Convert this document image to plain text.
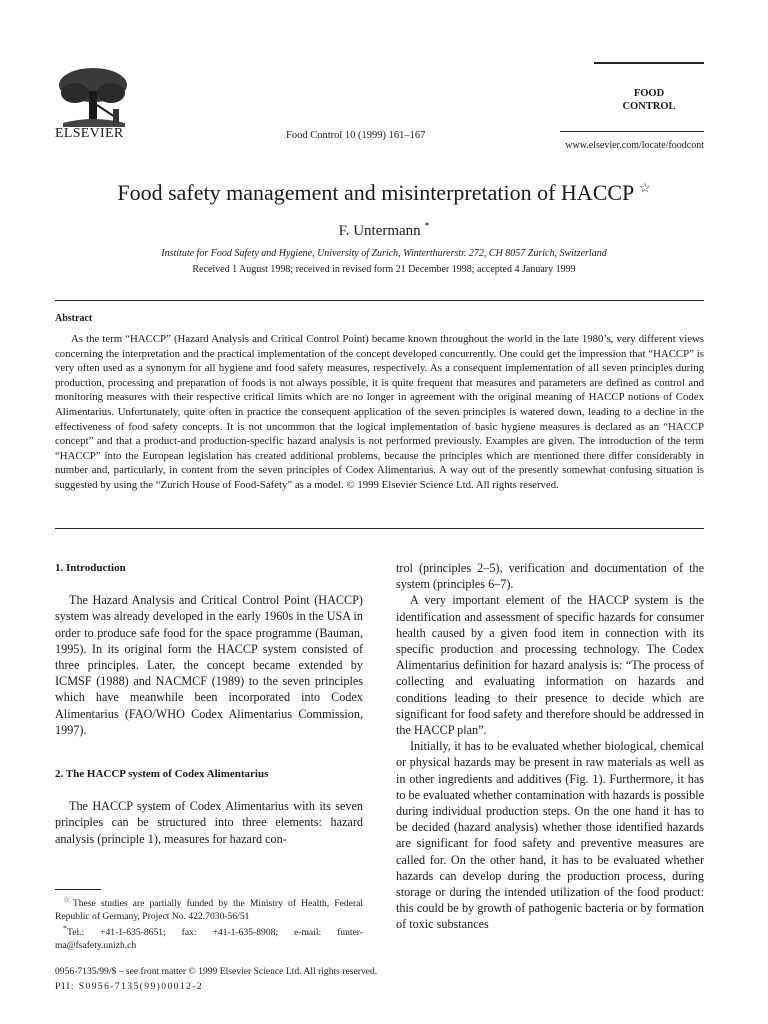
ELSEVIER	Food Control 10 (1999) 161–167
FOOD
CONTROL
www.elsevier.com/locate/foodcont
Food safety management and misinterpretation of HACCP ☆
F. Untermann *
Institute for Food Safety and Hygiene, University of Zurich, Winterthurerstr. 272, CH 8057 Zurich, Switzerland
Received 1 August 1998; received in revised form 21 December 1998; accepted 4 January 1999
Abstract
As the term “HACCP” (Hazard Analysis and Critical Control Point) became known throughout the world in the late 1980’s, very different views concerning the interpretation and the practical implementation of the concept developed concurrently. One could get the impression that “HACCP” is very often used as a synonym for all hygiene and food safety measures, respectively. As a consequent implementation of all seven principles during production, processing and preparation of foods is not always possible, it is quite frequent that measures and parameters are defined as control and monitoring measures with their respective critical limits which are no longer in agreement with the original meaning of HACCP notions of Codex Alimentarius. Unfortunately, quite often in practice the consequent application of the seven principles is watered down, leading to a decline in the effectiveness of food safety concepts. It is not uncommon that the logical implementation of basic hygiene measures is declared as an “HACCP concept” and that a product-and production-specific hazard analysis is not performed previously. Examples are given. The introduction of the term “HACCP” into the European legislation has created additional problems, because the principles which are mentioned there differ considerably in number and, particularly, in content from the seven principles of Codex Alimentarius. A way out of the presently somewhat confusing situation is suggested by using the “Zurich House of Food-Safety” as a model. © 1999 Elsevier Science Ltd. All rights reserved.
1. Introduction

The Hazard Analysis and Critical Control Point (HACCP) system was already developed in the early 1960s in the USA in order to produce safe food for the space programme (Bauman, 1995). In its original form the HACCP system consisted of three principles. Later, the concept became extended by ICMSF (1988) and NACMCF (1989) to the seven principles which have meanwhile been incorporated into Codex Alimentarius (FAO/WHO Codex Alimentarius Commission, 1997).

2. The HACCP system of Codex Alimentarius

The HACCP system of Codex Alimentarius with its seven principles can be structured into three elements: hazard analysis (principle 1), measures for hazard con-

☆These studies are partially funded by the Ministry of Health, Federal Republic of Germany, Project No. 422.7030-56/51

*Tel.: +41-1-635-8651; fax: +41-1-635-8908; e-mail: funter-ma@fsafety.unizh.ch

trol (principles 2–5), verification and documentation of the system (principles 6–7).

A very important element of the HACCP system is the identification and assessment of specific hazards for consumer health caused by a given food item in connection with its specific production and processing technology. The Codex Alimentarius definition for hazard analysis is: “The process of collecting and evaluating information on hazards and conditions leading to their presence to decide which are significant for food safety and therefore should be addressed in the HACCP plan”.

Initially, it has to be evaluated whether biological, chemical or physical hazards may be present in raw materials as well as in other ingredients and additives (Fig. 1). Furthermore, it has to be evaluated whether contamination with hazards is possible during individual production steps. On the one hand it has to be decided (hazard analysis) whether those identified hazards are significant for food safety and preventive measures are called for. On the other hand, it has to be evaluated whether hazards can develop during the production process, during storage or during the intended utilization of the food product: this could be by growth of pathogenic bacteria or by formation of toxic substances

0956-7135/99/$ – see front matter © 1999 Elsevier Science Ltd. All rights reserved.
PII: S0956-7135(99)00012-2
